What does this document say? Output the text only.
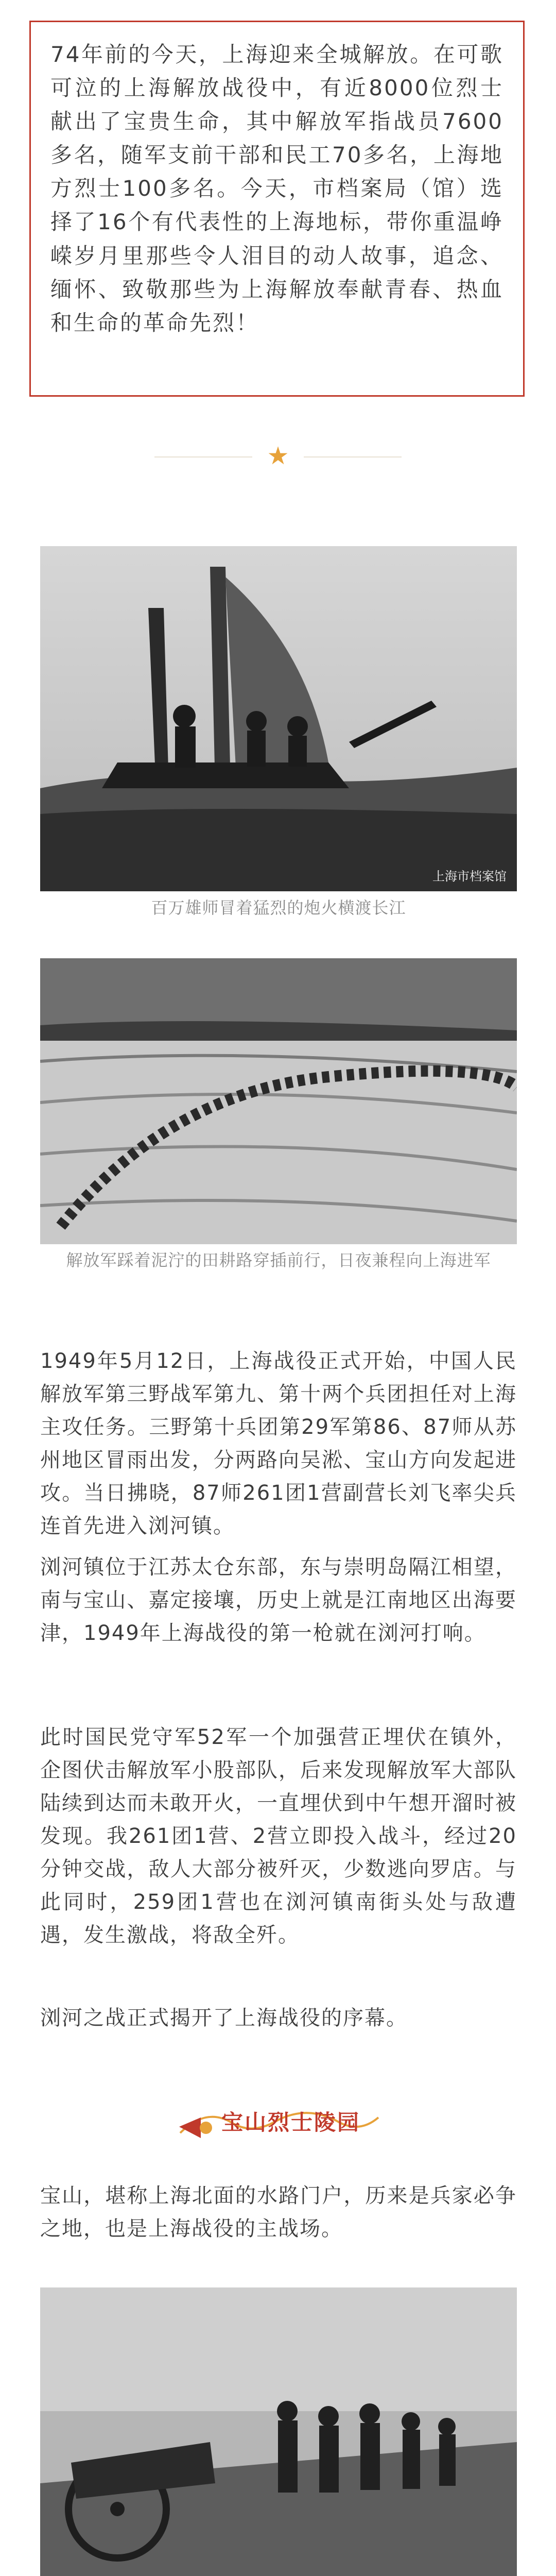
74年前的今天，上海迎来全城解放。在可歌可泣的上海解放战役中，有近8000位烈士献出了宝贵生命，其中解放军指战员7600多名，随军支前干部和民工70多名，上海地方烈士100多名。今天，市档案局（馆）选择了16个有代表性的上海地标，带你重温峥嵘岁月里那些令人泪目的动人故事，追念、缅怀、致敬那些为上海解放奉献青春、热血和生命的革命先烈！

★
上海市档案馆
百万雄师冒着猛烈的炮火横渡长江
解放军踩着泥泞的田耕路穿插前行，日夜兼程向上海进军
1949年5月12日，上海战役正式开始，中国人民解放军第三野战军第九、第十两个兵团担任对上海主攻任务。三野第十兵团第29军第86、87师从苏州地区冒雨出发，分两路向吴淞、宝山方向发起进攻。当日拂晓，87师261团1营副营长刘飞率尖兵连首先进入浏河镇。
浏河镇位于江苏太仓东部，东与崇明岛隔江相望，南与宝山、嘉定接壤，历史上就是江南地区出海要津，1949年上海战役的第一枪就在浏河打响。
此时国民党守军52军一个加强营正埋伏在镇外，企图伏击解放军小股部队，后来发现解放军大部队陆续到达而未敢开火，一直埋伏到中午想开溜时被发现。我261团1营、2营立即投入战斗，经过20分钟交战，敌人大部分被歼灭，少数逃向罗店。与此同时，259团1营也在浏河镇南街头处与敌遭遇，发生激战，将敌全歼。
浏河之战正式揭开了上海战役的序幕。
宝山烈士陵园
宝山，堪称上海北面的水路门户，历来是兵家必争之地，也是上海战役的主战场。
